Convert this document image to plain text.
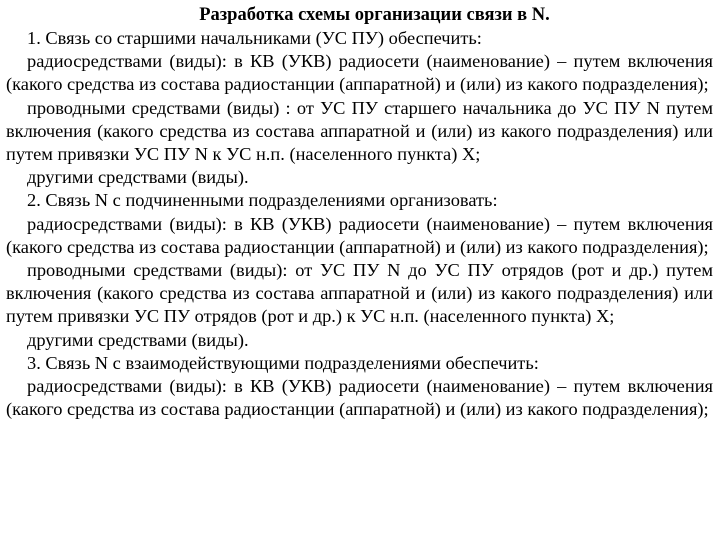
Разработка схемы организации связи в N.

1. Связь со старшими начальниками (УС ПУ) обеспечить:

радиосредствами (виды): в КВ (УКВ) радиосети (наименование) – путем включения (какого средства из состава радиостанции (аппаратной) и (или) из какого подразделения);

проводными средствами (виды) : от УС ПУ старшего начальника до УС ПУ N путем включения (какого средства из состава аппаратной и (или) из какого подразделения) или путем привязки УС ПУ N к УС н.п. (населенного пункта) Х;

другими средствами (виды).

2. Связь N с подчиненными подразделениями организовать:

радиосредствами (виды): в КВ (УКВ) радиосети (наименование) – путем включения (какого средства из состава радиостанции (аппаратной) и (или) из какого подразделения);

проводными средствами (виды): от УС ПУ N до УС ПУ отрядов (рот и др.) путем включения (какого средства из состава аппаратной и (или) из какого подразделения) или путем привязки УС ПУ отрядов (рот и др.) к УС н.п. (населенного пункта) Х;

другими средствами (виды).

3. Связь N с взаимодействующими подразделениями обеспечить:

радиосредствами (виды): в КВ (УКВ) радиосети (наименование) – путем включения (какого средства из состава радиостанции (аппаратной) и (или) из какого подразделения);
